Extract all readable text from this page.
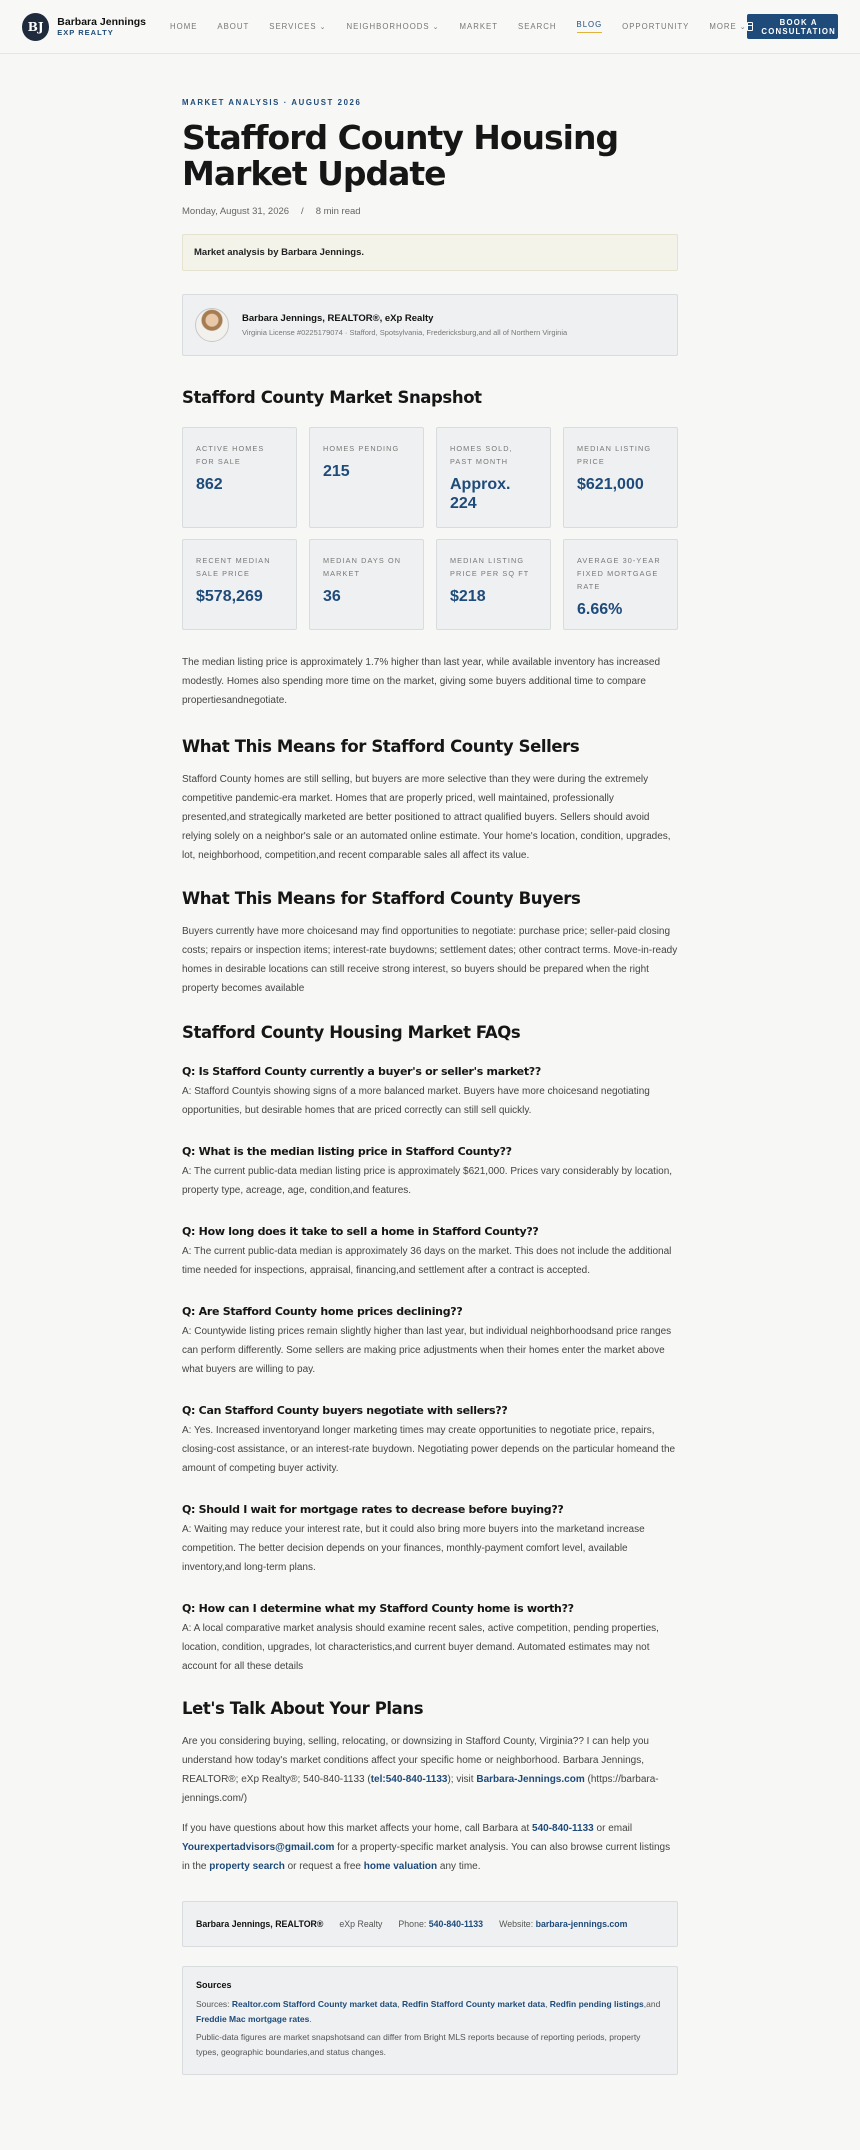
BJ	Barbara Jennings
EXP REALTY
HOME	ABOUT	SERVICES ⌄	NEIGHBORHOODS ⌄	MARKET	SEARCH	BLOG	OPPORTUNITY	MORE ⌄
BOOK A CONSULTATION
MARKET ANALYSIS · AUGUST 2026
Stafford County Housing Market Update
Monday, August 31, 2026 / 8 min read
Market analysis by Barbara Jennings.
Barbara Jennings, REALTOR®, eXp Realty
Virginia License #0225179074 · Stafford, Spotsylvania, Fredericksburg,and all of Northern Virginia
Stafford County Market Snapshot
ACTIVE HOMES FOR SALE
862
HOMES PENDING
215
HOMES SOLD, PAST MONTH
Approx. 224
MEDIAN LISTING PRICE
$621,000
RECENT MEDIAN SALE PRICE
$578,269
MEDIAN DAYS ON MARKET
36
MEDIAN LISTING PRICE PER SQ FT
$218
AVERAGE 30-YEAR FIXED MORTGAGE RATE
6.66%

The median listing price is approximately 1.7% higher than last year, while available inventory has increased modestly. Homes also spending more time on the market, giving some buyers additional time to compare propertiesandnegotiate.

What This Means for Stafford County Sellers

Stafford County homes are still selling, but buyers are more selective than they were during the extremely competitive pandemic-era market. Homes that are properly priced, well maintained, professionally presented,and strategically marketed are better positioned to attract qualified buyers. Sellers should avoid relying solely on a neighbor's sale or an automated online estimate. Your home's location, condition, upgrades, lot, neighborhood, competition,and recent comparable sales all affect its value.

What This Means for Stafford County Buyers

Buyers currently have more choicesand may find opportunities to negotiate: purchase price; seller-paid closing costs; repairs or inspection items; interest-rate buydowns; settlement dates; other contract terms. Move-in-ready homes in desirable locations can still receive strong interest, so buyers should be prepared when the right property becomes available

Stafford County Housing Market FAQs
Q: Is Stafford County currently a buyer's or seller's market??
A: Stafford Countyis showing signs of a more balanced market. Buyers have more choicesand negotiating opportunities, but desirable homes that are priced correctly can still sell quickly.
Q: What is the median listing price in Stafford County??
A: The current public-data median listing price is approximately $621,000. Prices vary considerably by location, property type, acreage, age, condition,and features.
Q: How long does it take to sell a home in Stafford County??
A: The current public-data median is approximately 36 days on the market. This does not include the additional time needed for inspections, appraisal, financing,and settlement after a contract is accepted.
Q: Are Stafford County home prices declining??
A: Countywide listing prices remain slightly higher than last year, but individual neighborhoodsand price ranges can perform differently. Some sellers are making price adjustments when their homes enter the market above what buyers are willing to pay.
Q: Can Stafford County buyers negotiate with sellers??
A: Yes. Increased inventoryand longer marketing times may create opportunities to negotiate price, repairs, closing-cost assistance, or an interest-rate buydown. Negotiating power depends on the particular homeand the amount of competing buyer activity.
Q: Should I wait for mortgage rates to decrease before buying??
A: Waiting may reduce your interest rate, but it could also bring more buyers into the marketand increase competition. The better decision depends on your finances, monthly-payment comfort level, available inventory,and long-term plans.
Q: How can I determine what my Stafford County home is worth??
A: A local comparative market analysis should examine recent sales, active competition, pending properties, location, condition, upgrades, lot characteristics,and current buyer demand. Automated estimates may not account for all these details
Let's Talk About Your Plans

Are you considering buying, selling, relocating, or downsizing in Stafford County, Virginia?? I can help you understand how today's market conditions affect your specific home or neighborhood. Barbara Jennings, REALTOR®; eXp Realty®; 540-840-1133 (tel:540-840-1133); visit Barbara-Jennings.com (https://barbara-jennings.com/)

If you have questions about how this market affects your home, call Barbara at 540-840-1133 or email Yourexpertadvisors@gmail.com for a property-specific market analysis. You can also browse current listings in the property search or request a free home valuation any time.

Barbara Jennings, REALTOR® eXp Realty Phone: 540-840-1133 Website: barbara-jennings.com
Sources
Sources: Realtor.com Stafford County market data, Redfin Stafford County market data, Redfin pending listings,and Freddie Mac mortgage rates.
Public-data figures are market snapshotsand can differ from Bright MLS reports because of reporting periods, property types, geographic boundaries,and status changes.
